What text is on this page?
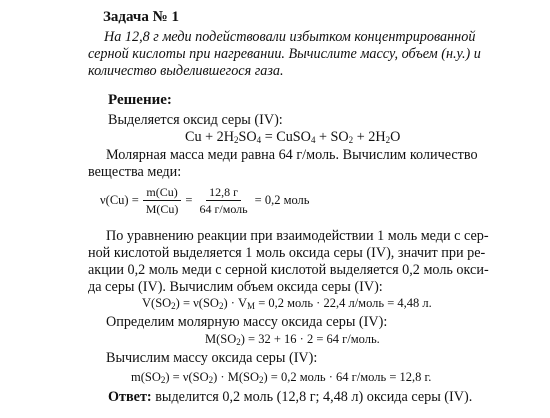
Задача № 1
На 12,8 г меди подействовали избытком концентрированной
серной кислоты при нагревании. Вычислите массу, объем (н.у.) и
количество выделившегося газа.
Решение:
Выделяется оксид серы (IV):
$Cu + 2H_2SO_4$ = CuSO$_4$ + $SO_2 + 2H_2O$
Молярная масса меди равна 64 г/моль. Вычислим количество
вещества меди:
$\nu(Cu) = \frac{m(Cu)}{M(Cu)} = \frac{12,8 г}{\text{64 г/моль}} = 0,2$ моль
По уравнению реакции при взаимодействии 1 моль меди с сер-
ной кислотой выделяется 1 моль оксида серы (IV), значит при ре-
акции 0,2 моль меди с серной кислотой выделяется 0,2 моль окси-
да серы (IV). Вычислим объем оксида серы (IV):
$V(SO_2) = \nu(SO_2) \cdot V_M = 0,2$ моль · 22,4 л/моль = 4,48 л.
Определим молярную массу оксида серы (IV):
$M(SO_2) = 32 + 16 \cdot 2 = 64$ г/моль.
Вычислим массу оксида серы (IV):
$m(SO_2) = \nu(SO_2) \cdot M(SO_2) = 0,2$ моль · 64 г/моль = 12,8 г.
Ответ: выделится 0,2 моль (12,8 г; 4,48 л) оксида серы (IV).
